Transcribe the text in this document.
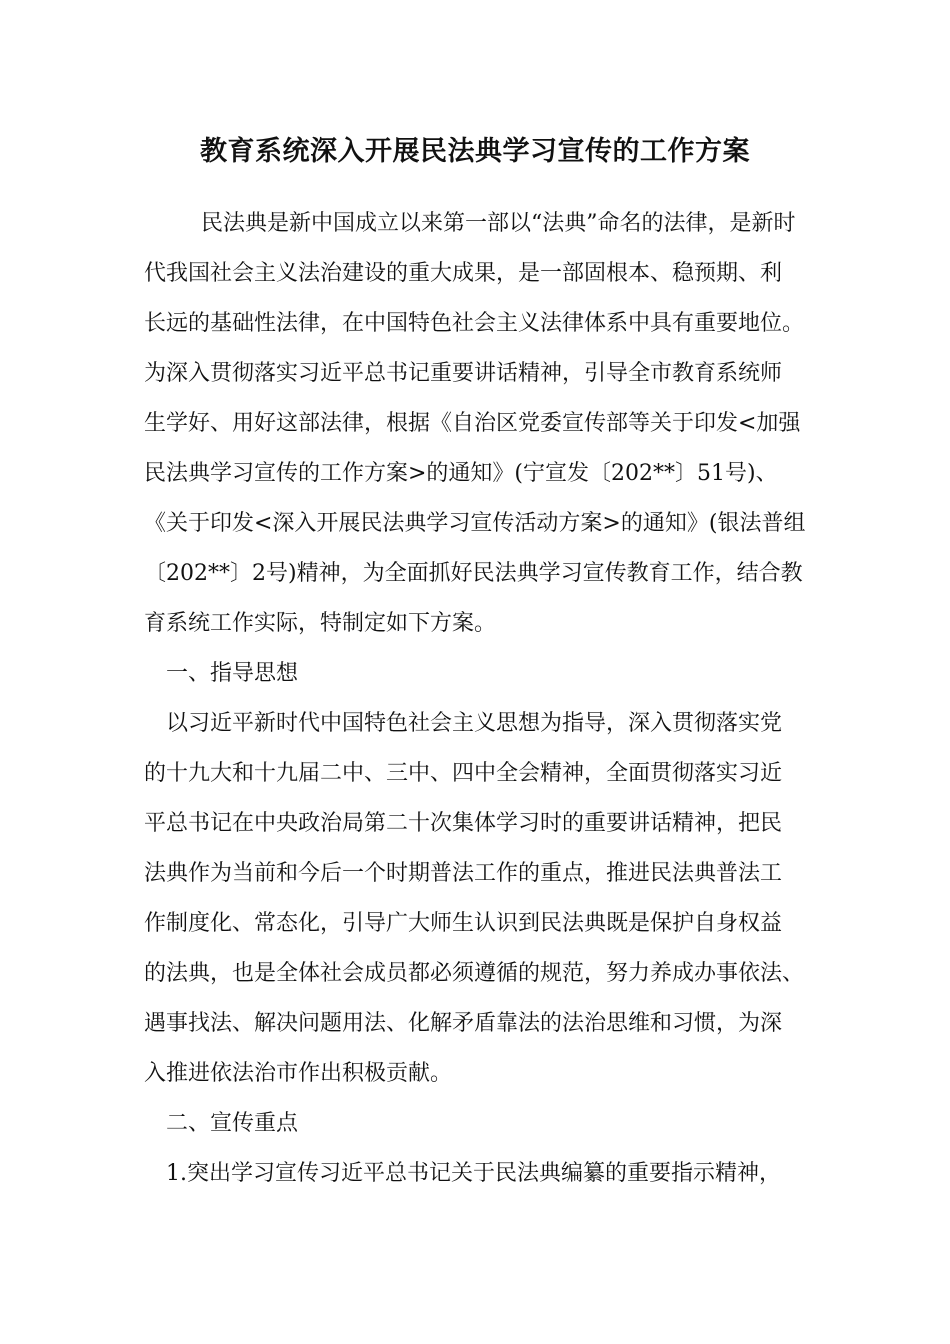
教育系统深入开展民法典学习宣传的工作方案
民法典是新中国成立以来第一部以“法典”命名的法律，是新时
代我国社会主义法治建设的重大成果，是一部固根本、稳预期、利
长远的基础性法律，在中国特色社会主义法律体系中具有重要地位。
为深入贯彻落实习近平总书记重要讲话精神，引导全市教育系统师
生学好、用好这部法律，根据《自治区党委宣传部等关于印发<加强
民法典学习宣传的工作方案>的通知》(宁宣发〔202**〕51号)、
《关于印发<深入开展民法典学习宣传活动方案>的通知》(银法普组
〔202**〕2号)精神，为全面抓好民法典学习宣传教育工作，结合教
育系统工作实际，特制定如下方案。
一、指导思想
以习近平新时代中国特色社会主义思想为指导，深入贯彻落实党
的十九大和十九届二中、三中、四中全会精神，全面贯彻落实习近
平总书记在中央政治局第二十次集体学习时的重要讲话精神，把民
法典作为当前和今后一个时期普法工作的重点，推进民法典普法工
作制度化、常态化，引导广大师生认识到民法典既是保护自身权益
的法典，也是全体社会成员都必须遵循的规范，努力养成办事依法、
遇事找法、解决问题用法、化解矛盾靠法的法治思维和习惯，为深
入推进依法治市作出积极贡献。
二、宣传重点
1.突出学习宣传习近平总书记关于民法典编纂的重要指示精神，
